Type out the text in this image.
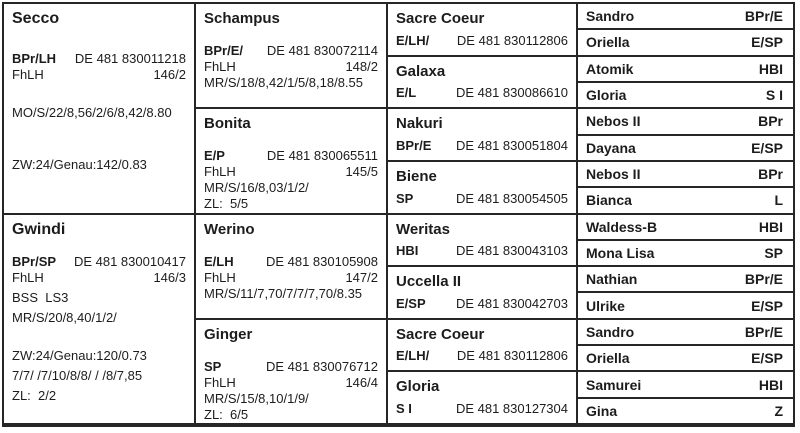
Secco
BPr/LH DE 481 830011218
FhLH	146/2
MO/S/22/8,56/2/6/8,42/8.80
ZW:24/Genau:142/0.83
Gwindi
BPr/SP DE 481 830010417
FhLH	146/3
BSS  LS3
MR/S/20/8,40/1/2/
ZW:24/Genau:120/0.73
7/7/ /7/10/8/8/ / /8/7,85
ZL:  2/2
Schampus
BPr/E/ DE 481 830072114
FhLH	148/2
MR/S/18/8,42/1/5/8,18/8.55
Bonita
E/P	DE 481 830065511
FhLH	145/5
MR/S/16/8,03/1/2/
ZL:  5/5
Werino
E/LH DE 481 830105908
FhLH	147/2
MR/S/11/7,70/7/7/7,70/8.35
Ginger
SP	DE 481 830076712
FhLH	146/4
MR/S/15/8,10/1/9/
ZL:  6/5
Sacre Coeur
E/LH/ DE 481 830112806
Galaxa
E/L	DE 481 830086610
Nakuri
BPr/E DE 481 830051804
Biene
SP	DE 481 830054505
Weritas
HBI	DE 481 830043103
Uccella II
E/SP DE 481 830042703
Sacre Coeur
E/LH/ DE 481 830112806
Gloria
S I	DE 481 830127304
Sandro	BPr/E
Oriella	E/SP
Atomik	HBI
Gloria	S I
Nebos II	BPr
Dayana	E/SP
Nebos II	BPr
Bianca	L
Waldess-B	HBI
Mona Lisa	SP
Nathian	BPr/E
Ulrike	E/SP
Sandro	BPr/E
Oriella	E/SP
Samurei	HBI
Gina	Z
